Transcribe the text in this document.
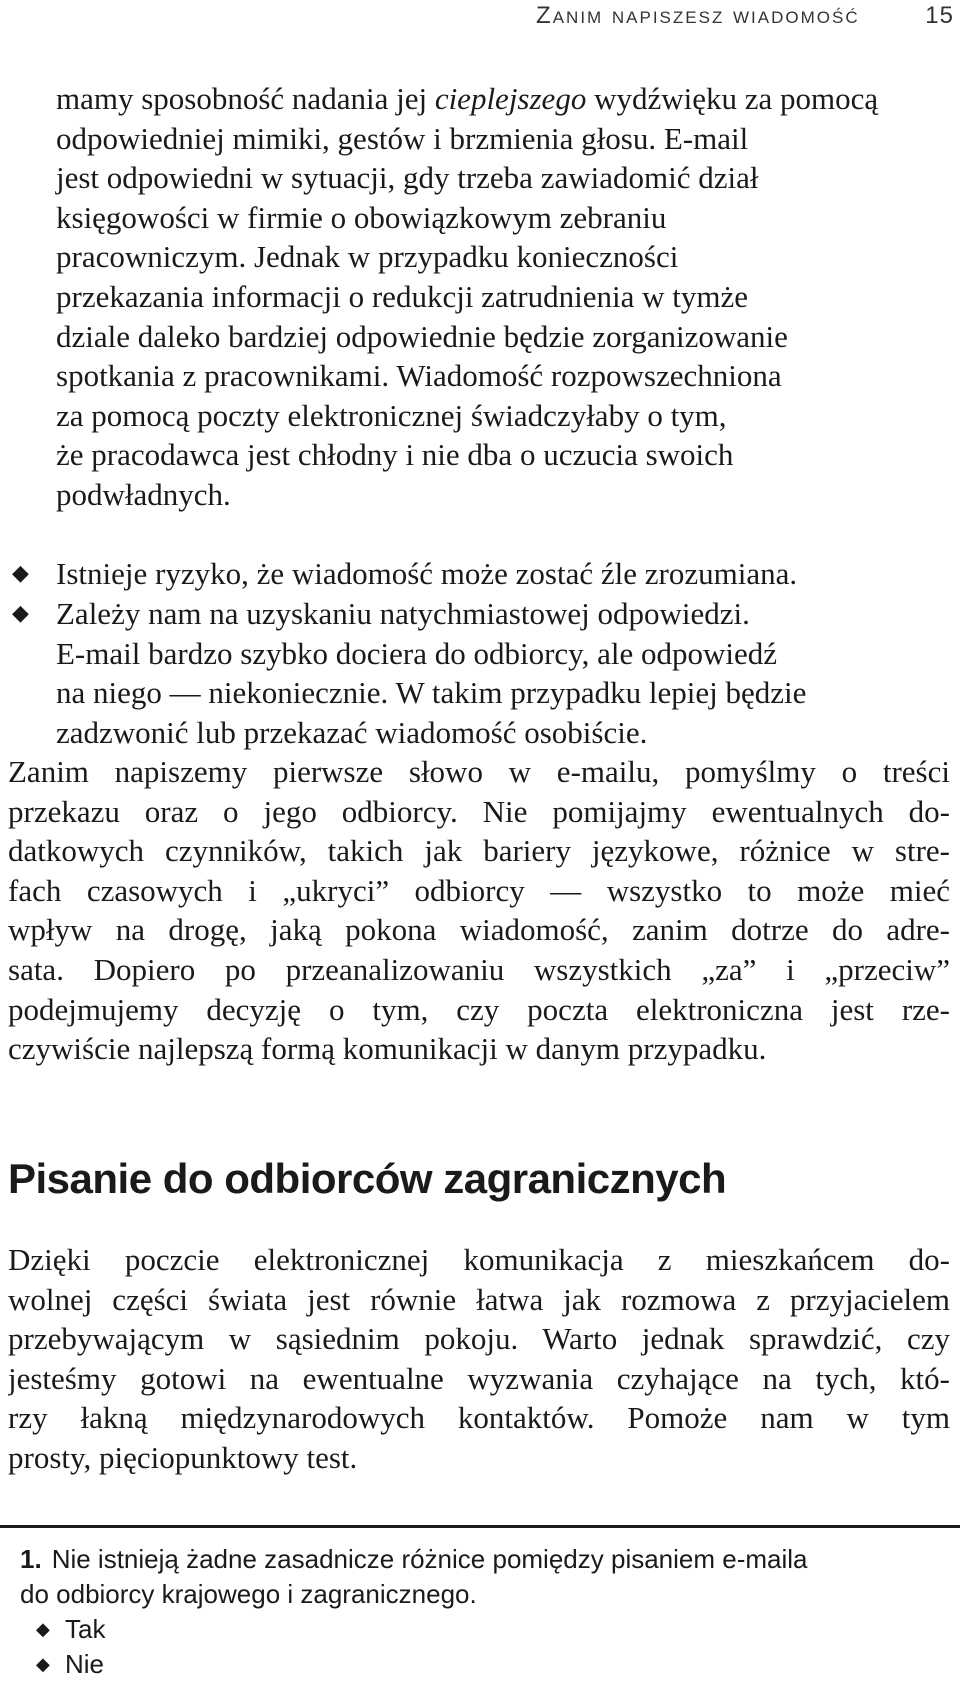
Zanim napiszesz wiadomość	15
mamy sposobność nadania jej cieplejszego wydźwięku za pomocą
odpowiedniej mimiki, gestów i brzmienia głosu. E-mail
jest odpowiedni w sytuacji, gdy trzeba zawiadomić dział
księgowości w firmie o obowiązkowym zebraniu
pracowniczym. Jednak w przypadku konieczności
przekazania informacji o redukcji zatrudnienia w tymże
dziale daleko bardziej odpowiednie będzie zorganizowanie
spotkania z pracownikami. Wiadomość rozpowszechniona
za pomocą poczty elektronicznej świadczyłaby o tym,
że pracodawca jest chłodny i nie dba o uczucia swoich
podwładnych.
◆ Istnieje ryzyko, że wiadomość może zostać źle zrozumiana.
◆ Zależy nam na uzyskaniu natychmiastowej odpowiedzi.
E-mail bardzo szybko dociera do odbiorcy, ale odpowiedź
na niego — niekoniecznie. W takim przypadku lepiej będzie
zadzwonić lub przekazać wiadomość osobiście.
Zanim napiszemy pierwsze słowo w e-mailu, pomyślmy o treści
przekazu oraz o jego odbiorcy. Nie pomijajmy ewentualnych do-
datkowych czynników, takich jak bariery językowe, różnice w stre-
fach czasowych i „ukryci” odbiorcy — wszystko to może mieć
wpływ na drogę, jaką pokona wiadomość, zanim dotrze do adre-
sata. Dopiero po przeanalizowaniu wszystkich „za” i „przeciw”
podejmujemy decyzję o tym, czy poczta elektroniczna jest rze-
czywiście najlepszą formą komunikacji w danym przypadku.
Pisanie do odbiorców zagranicznych
Dzięki poczcie elektronicznej komunikacja z mieszkańcem do-
wolnej części świata jest równie łatwa jak rozmowa z przyjacielem
przebywającym w sąsiednim pokoju. Warto jednak sprawdzić, czy
jesteśmy gotowi na ewentualne wyzwania czyhające na tych, któ-
rzy łakną międzynarodowych kontaktów. Pomoże nam w tym
prosty, pięciopunktowy test.
1. Nie istnieją żadne zasadnicze różnice pomiędzy pisaniem e-maila
do odbiorcy krajowego i zagranicznego.
◆ Tak
◆ Nie
